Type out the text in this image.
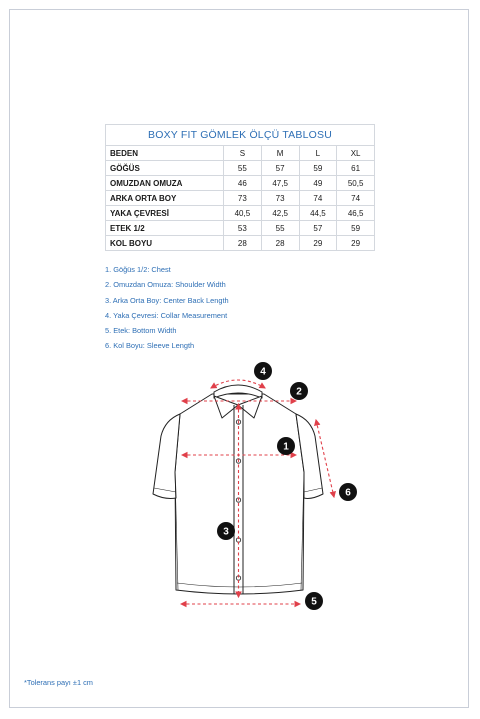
BOXY FIT GÖMLEK ÖLÇÜ TABLOSU
BEDEN	S	M	L	XL
GÖĞÜS	55	57	59	61
OMUZDAN OMUZA	46	47,5	49	50,5
ARKA ORTA BOY	73	73	74	74
YAKA ÇEVRESİ	40,5	42,5	44,5	46,5
ETEK 1/2	53	55	57	59
KOL BOYU	28	28	29	29
1. Göğüs 1/2: Chest
2. Omuzdan Omuza: Shoulder Width
3. Arka Orta Boy: Center Back Length
4. Yaka Çevresi: Collar Measurement
5. Etek: Bottom Width
6. Kol Boyu: Sleeve Length
4
2
1
6
3
5
*Tolerans payı ±1 cm
